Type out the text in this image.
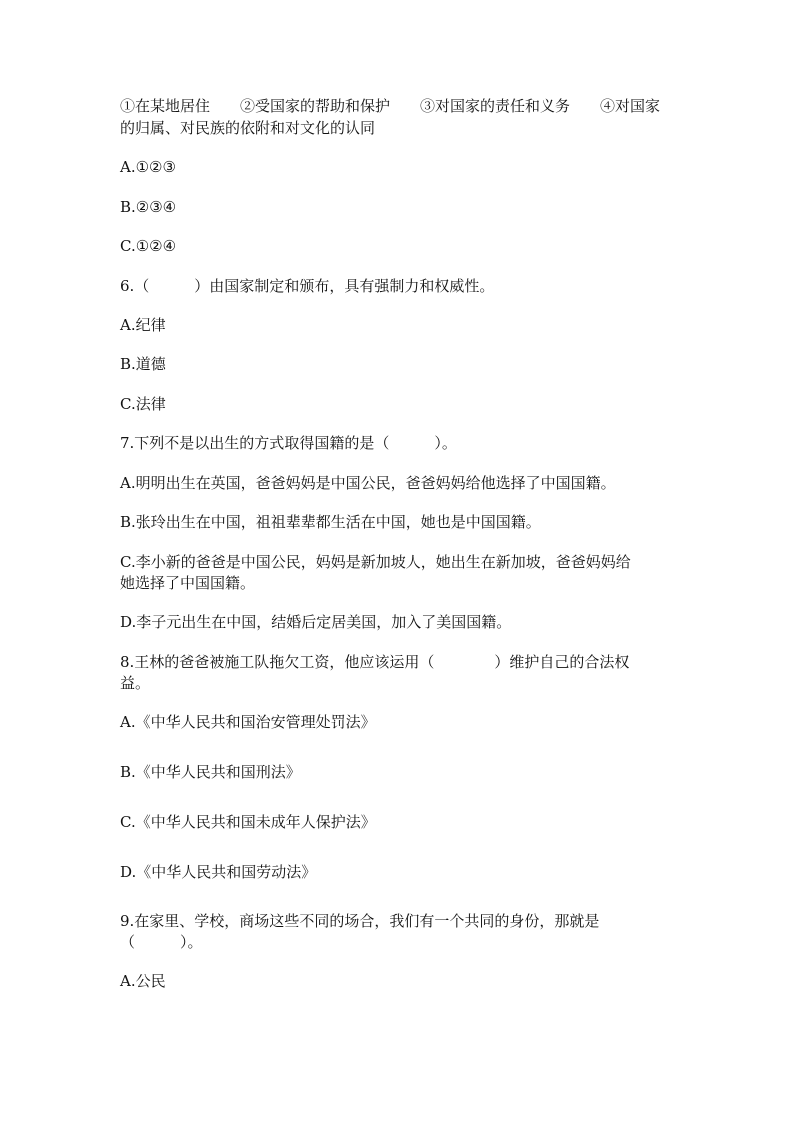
①在某地居住　　②受国家的帮助和保护　　③对国家的责任和义务　　④对国家
的归属、对民族的依附和对文化的认同
A.①②③
B.②③④
C.①②④
6.（　　　）由国家制定和颁布，具有强制力和权威性。
A.纪律
B.道德
C.法律
7.下列不是以出生的方式取得国籍的是（　　　）。
A.明明出生在英国，爸爸妈妈是中国公民，爸爸妈妈给他选择了中国国籍。
B.张玲出生在中国，祖祖辈辈都生活在中国，她也是中国国籍。
C.李小新的爸爸是中国公民，妈妈是新加坡人，她出生在新加坡，爸爸妈妈给
她选择了中国国籍。
D.李子元出生在中国，结婚后定居美国，加入了美国国籍。
8.王林的爸爸被施工队拖欠工资，他应该运用（　　　　）维护自己的合法权
益。
A.《中华人民共和国治安管理处罚法》
B.《中华人民共和国刑法》
C.《中华人民共和国未成年人保护法》
D.《中华人民共和国劳动法》
9.在家里、学校，商场这些不同的场合，我们有一个共同的身份，那就是
（　　　）。
A.公民
